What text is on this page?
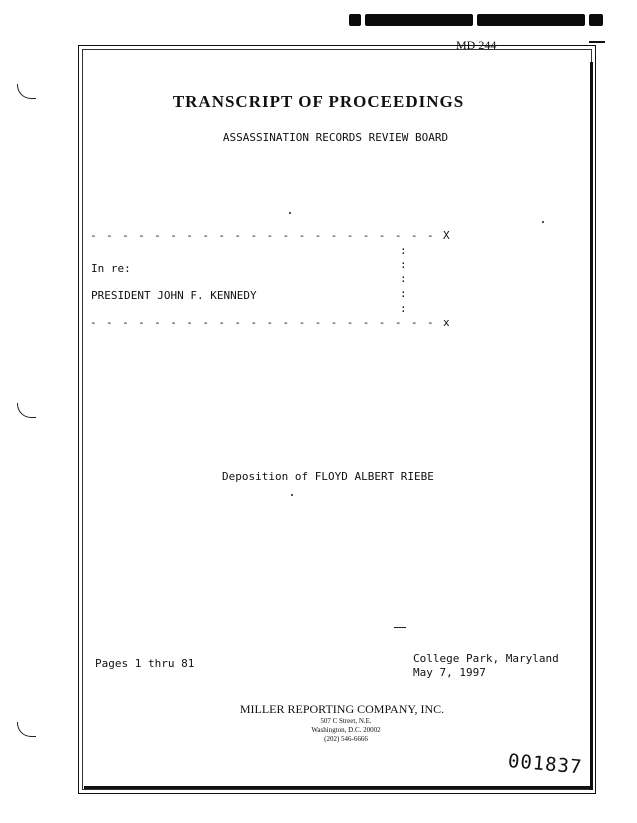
MD 244
TRANSCRIPT OF PROCEEDINGS
ASSASSINATION RECORDS REVIEW BOARD
- - - - - - - - - - - - - - - - - - - - - - X
:
:
In re:
:
:
PRESIDENT JOHN F. KENNEDY
:
- - - - - - - - - - - - - - - - - - - - - - x
Deposition of FLOYD ALBERT RIEBE
Pages 1 thru 81	College Park, Maryland
May 7, 1997
MILLER REPORTING COMPANY, INC.
507 C Street, N.E.
Washington, D.C. 20002
(202) 546-6666
001837
